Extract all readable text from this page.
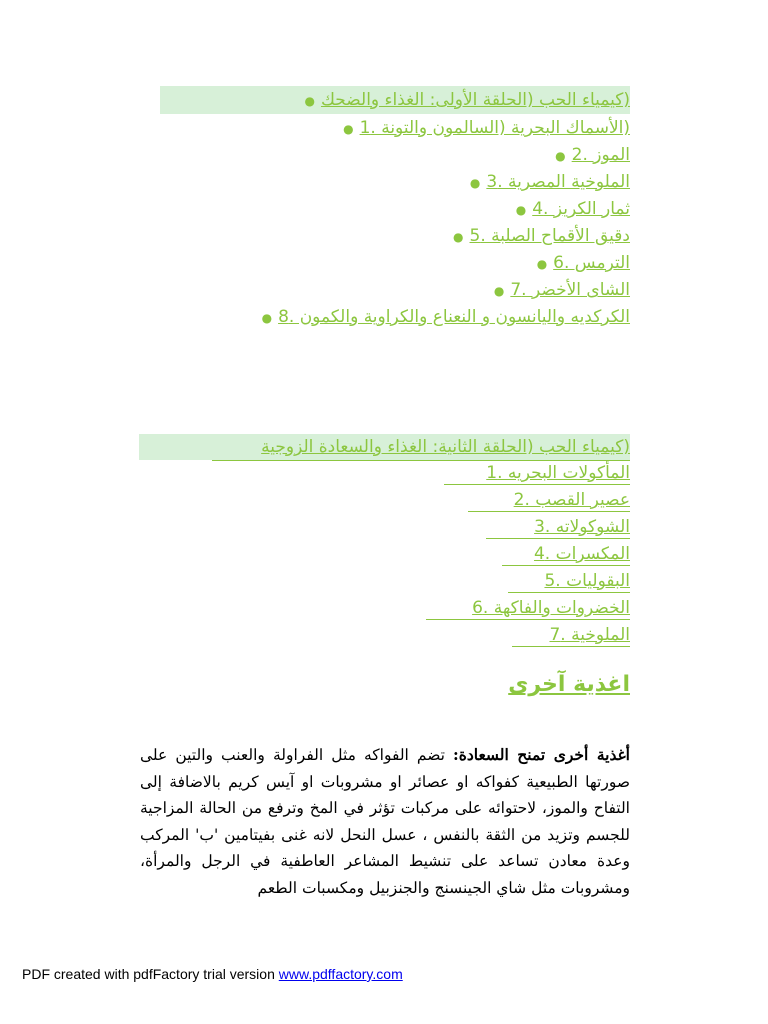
(كيمياء الحب (الحلقة الأولى: الغذاء والضحك●
(الأسماك البحرية (السالمون والتونة .1●
الموز .2●
الملوخية المصرية .3●
ثمار الكريز .4●
دقيق الأقماح الصلبة .5●
الترمس .6●
الشاى الأخضر .7●
الكركديه واليانسون و النعناع والكراوية والكمون .8●
(كيمياء الحب (الحلقة الثانية: الغذاء والسعادة الزوجية
المأكولات البحريه .1
عصير القصب .2
الشوكولاته .3
المكسرات .4
البقوليات .5
الخضروات والفاكهة .6
الملوخية .7
اغذية آخرى
أغذية أخرى تمنح السعادة: تضم الفواكه مثل الفراولة والعنب والتين على صورتها الطبيعية كفواكه او عصائر او مشروبات او آيس كريم بالاضافة إلى التفاح والموز، لاحتوائه على مركبات تؤثر في المخ وترفع من الحالة المزاجية للجسم وتزيد من الثقة بالنفس ، عسل النحل لانه غنى بفيتامين 'ب' المركب وعدة معادن تساعد على تنشيط المشاعر العاطفية في الرجل والمرأة، ومشروبات مثل شاي الجينسنج والجنزبيل ومكسبات الطعم
PDF created with pdfFactory trial version www.pdffactory.com
